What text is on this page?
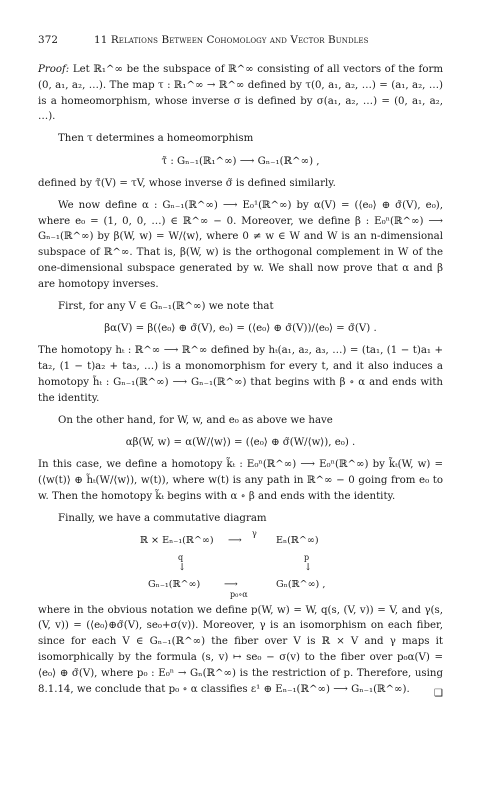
372	11 Relations Between Cohomology and Vector Bundles

Proof: Let ℝ₁^∞ be the subspace of ℝ^∞ consisting of all vectors of the form (0, a₁, a₂, …). The map τ : ℝ₁^∞ → ℝ^∞ defined by τ(0, a₁, a₂, …) = (a₁, a₂, …) is a homeomorphism, whose inverse σ is defined by σ(a₁, a₂, …) = (0, a₁, a₂, …).

Then τ determines a homeomorphism

τ̃ : Gₙ₋₁(ℝ₁^∞) ⟶ Gₙ₋₁(ℝ^∞) ,

defined by τ̃(V) = τV, whose inverse σ̃ is defined similarly.

We now define α : Gₙ₋₁(ℝ^∞) ⟶ E₀¹(ℝ^∞) by α(V) = (⟨e₀⟩ ⊕ σ̃(V), e₀), where e₀ = (1, 0, 0, …) ∈ ℝ^∞ − 0. Moreover, we define β : E₀ⁿ(ℝ^∞) ⟶ Gₙ₋₁(ℝ^∞) by β(W, w) = W/⟨w⟩, where 0 ≠ w ∈ W and W is an n-dimensional subspace of ℝ^∞. That is, β(W, w) is the orthogonal complement in W of the one-dimensional subspace generated by w. We shall now prove that α and β are homotopy inverses.

First, for any V ∈ Gₙ₋₁(ℝ^∞) we note that

βα(V) = β(⟨e₀⟩ ⊕ σ̃(V), e₀) = (⟨e₀⟩ ⊕ σ̃(V))/⟨e₀⟩ = σ̃(V) .

The homotopy hₜ : ℝ^∞ ⟶ ℝ^∞ defined by hₜ(a₁, a₂, a₃, …) = (ta₁, (1 − t)a₁ + ta₂, (1 − t)a₂ + ta₃, …) is a monomorphism for every t, and it also induces a homotopy h̃ₜ : Gₙ₋₁(ℝ^∞) ⟶ Gₙ₋₁(ℝ^∞) that begins with β ∘ α and ends with the identity.

On the other hand, for W, w, and e₀ as above we have

αβ(W, w) = α(W/⟨w⟩) = (⟨e₀⟩ ⊕ σ̃(W/⟨w⟩), e₀) .

In this case, we define a homotopy k̃ₜ : E₀ⁿ(ℝ^∞) ⟶ E₀ⁿ(ℝ^∞) by k̃ₜ(W, w) = (⟨w(t)⟩ ⊕ h̃ₜ(W/⟨w⟩), w(t)), where w(t) is any path in ℝ^∞ − 0 going from e₀ to w. Then the homotopy k̃ₜ begins with α ∘ β and ends with the identity.

Finally, we have a commutative diagram

ℝ × Eₙ₋₁(ℝ^∞)
γ
⟶	Eₙ(ℝ^∞)
q
↓
p
↓
Gₙ₋₁(ℝ^∞) ⟶
p₀∘α
Gₙ(ℝ^∞) ,

where in the obvious notation we define p(W, w) = W, q(s, (V, v)) = V, and γ(s, (V, v)) = (⟨e₀⟩⊕σ̃(V), se₀+σ(v)). Moreover, γ is an isomorphism on each fiber, since for each V ∈ Gₙ₋₁(ℝ^∞) the fiber over V is ℝ × V and γ maps it isomorphically by the formula (s, v) ↦ se₀ − σ(v) to the fiber over p₀α(V) = ⟨e₀⟩ ⊕ σ̃(V), where p₀ : E₀ⁿ → Gₙ(ℝ^∞) is the restriction of p. Therefore, using 8.1.14, we conclude that p₀ ∘ α classifies ε¹ ⊕ Eₙ₋₁(ℝ^∞) ⟶ Gₙ₋₁(ℝ^∞).	❑
